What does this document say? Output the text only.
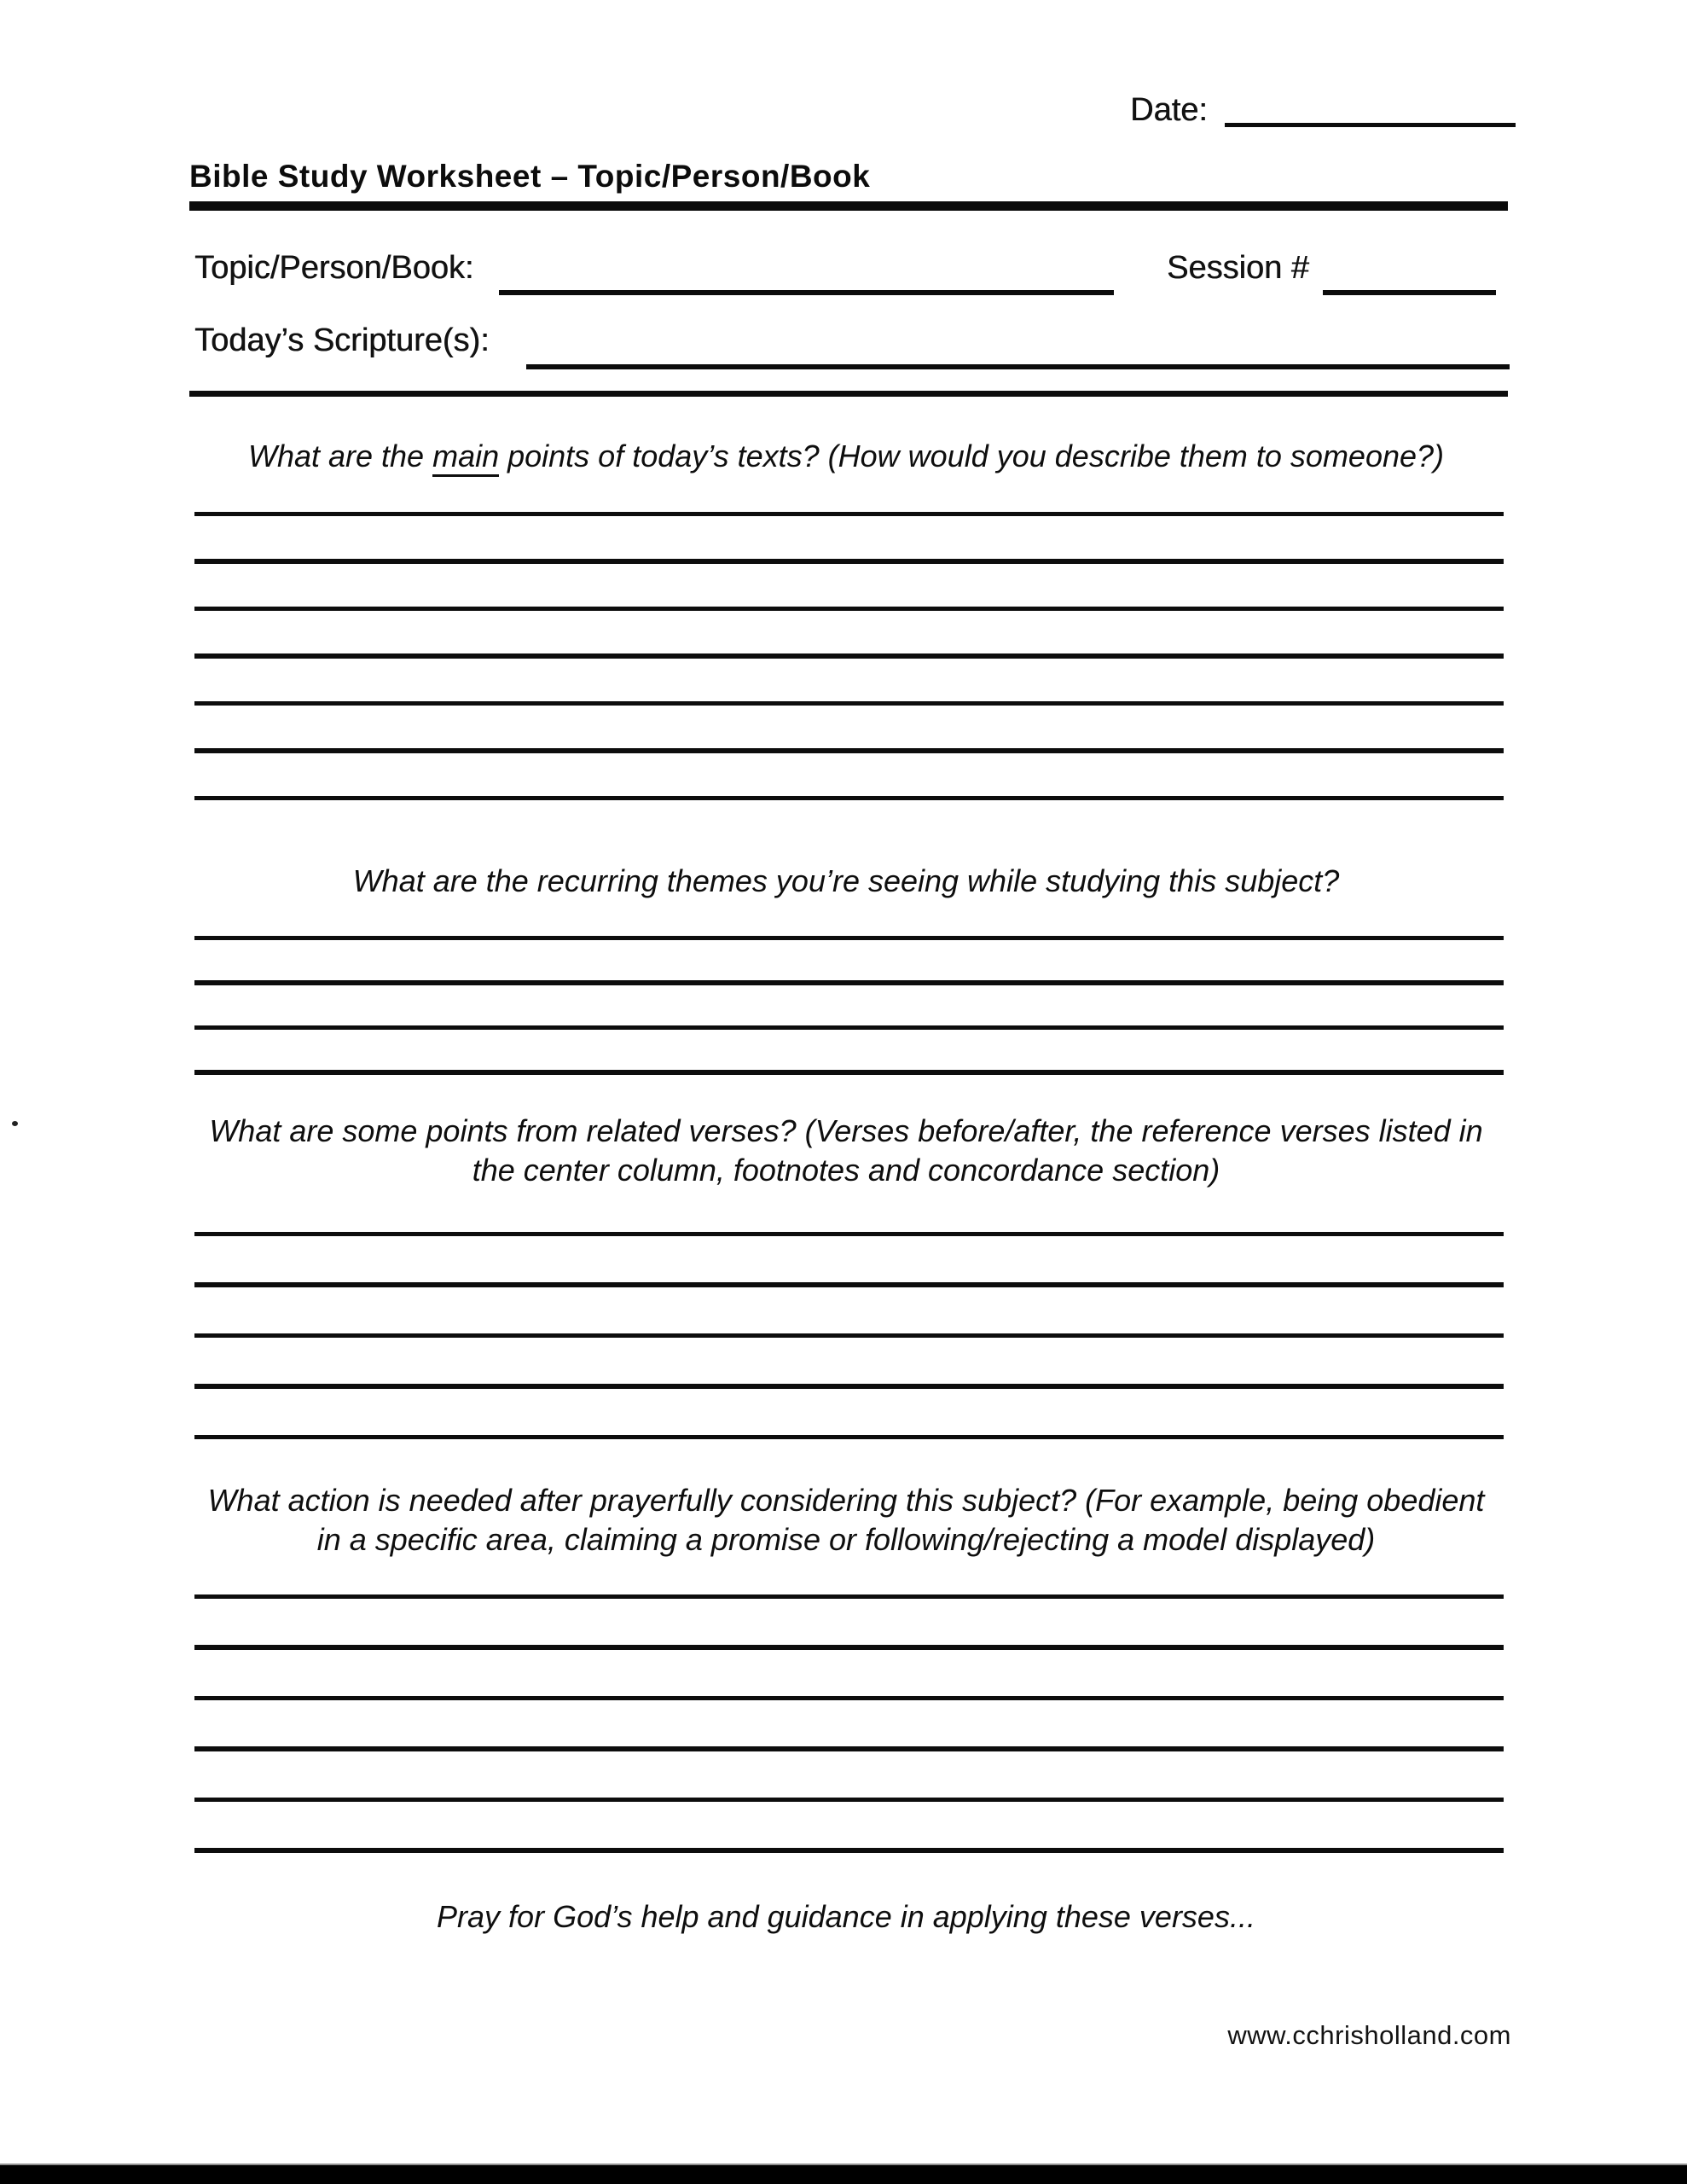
Date:
Bible Study Worksheet – Topic/Person/Book
Topic/Person/Book:	Session #
Today’s Scripture(s):
What are the main points of today’s texts? (How would you describe them to someone?)
What are the recurring themes you’re seeing while studying this subject?
What are some points from related verses? (Verses before/after, the reference verses listed in the center column, footnotes and concordance section)
What action is needed after prayerfully considering this subject? (For example, being obedient in a specific area, claiming a promise or following/rejecting a model displayed)
Pray for God’s help and guidance in applying these verses...
www.cchrisholland.com
